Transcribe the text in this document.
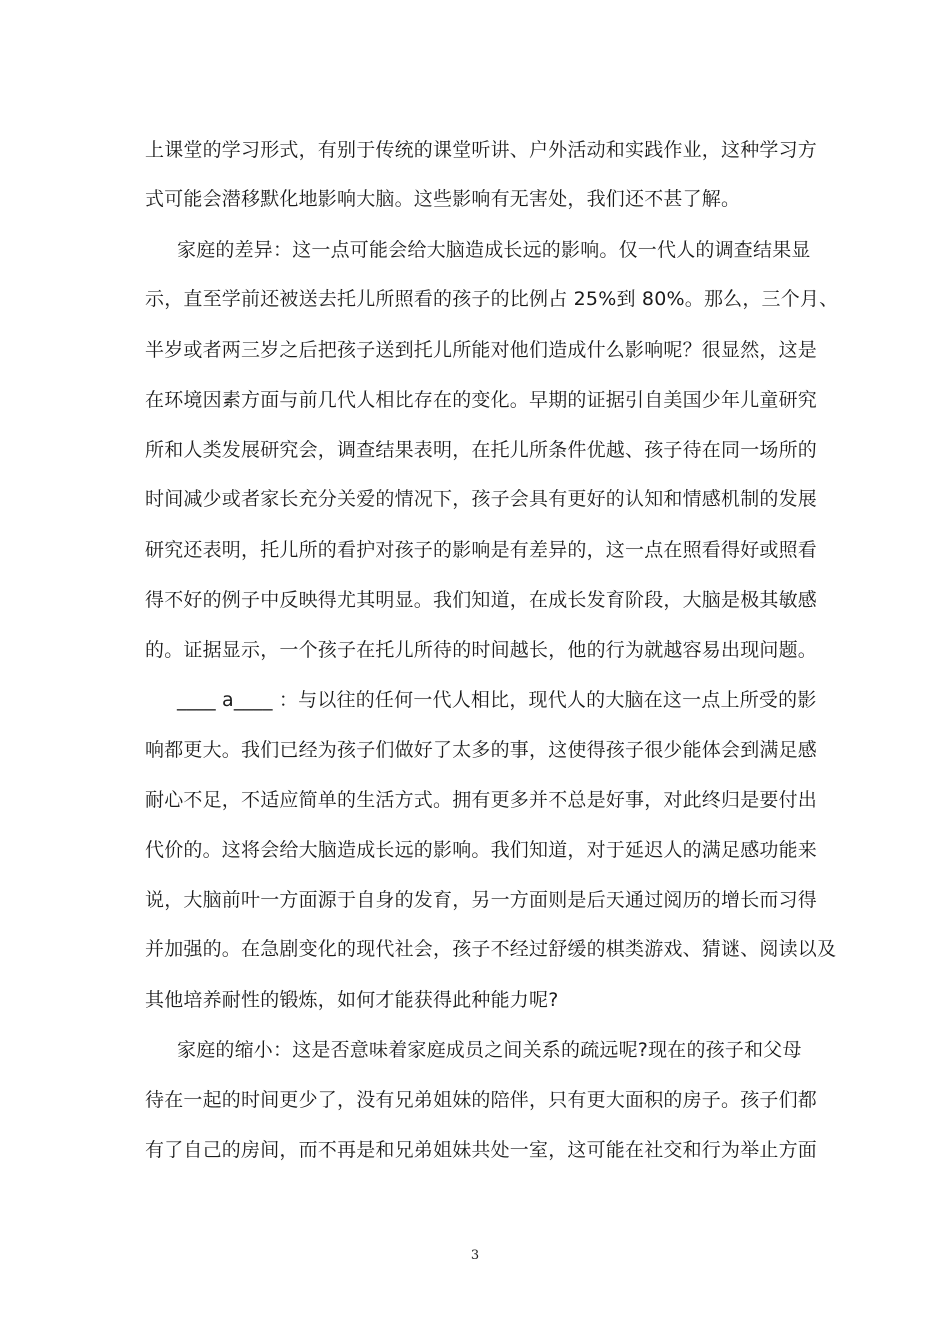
上课堂的学习形式，有别于传统的课堂听讲、户外活动和实践作业，这种学习方
式可能会潜移默化地影响大脑。这些影响有无害处，我们还不甚了解。
家庭的差异：这一点可能会给大脑造成长远的影响。仅一代人的调查结果显
示，直至学前还被送去托儿所照看的孩子的比例占 25%到 80%。那么，三个月、
半岁或者两三岁之后把孩子送到托儿所能对他们造成什么影响呢？很显然，这是
在环境因素方面与前几代人相比存在的变化。早期的证据引自美国少年儿童研究
所和人类发展研究会，调查结果表明，在托儿所条件优越、孩子待在同一场所的
时间减少或者家长充分关爱的情况下，孩子会具有更好的认知和情感机制的发展
研究还表明，托儿所的看护对孩子的影响是有差异的，这一点在照看得好或照看
得不好的例子中反映得尤其明显。我们知道，在成长发育阶段，大脑是极其敏感
的。证据显示，一个孩子在托儿所待的时间越长，他的行为就越容易出现问题。
____ a____ ：与以往的任何一代人相比，现代人的大脑在这一点上所受的影
响都更大。我们已经为孩子们做好了太多的事，这使得孩子很少能体会到满足感
耐心不足，不适应简单的生活方式。拥有更多并不总是好事，对此终归是要付出
代价的。这将会给大脑造成长远的影响。我们知道，对于延迟人的满足感功能来
说，大脑前叶一方面源于自身的发育，另一方面则是后天通过阅历的增长而习得
并加强的。在急剧变化的现代社会，孩子不经过舒缓的棋类游戏、猜谜、阅读以及
其他培养耐性的锻炼，如何才能获得此种能力呢?
家庭的缩小：这是否意味着家庭成员之间关系的疏远呢?现在的孩子和父母
待在一起的时间更少了，没有兄弟姐妹的陪伴，只有更大面积的房子。孩子们都
有了自己的房间，而不再是和兄弟姐妹共处一室，这可能在社交和行为举止方面
3
